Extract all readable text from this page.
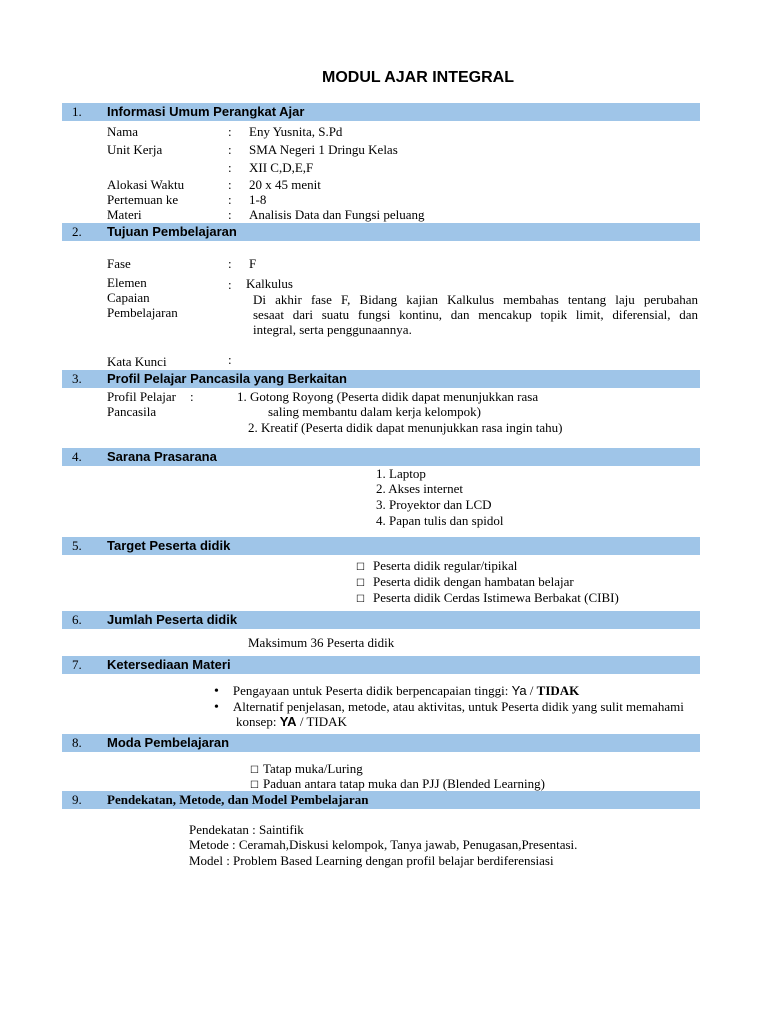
MODUL AJAR INTEGRAL
1. Informasi Umum Perangkat Ajar
Nama	: Eny Yusnita, S.Pd
Unit Kerja	: SMA Negeri 1 Dringu Kelas
: XII C,D,E,F
Alokasi Waktu	: 20 x 45 menit
Pertemuan ke	: 1-8
Materi	: Analisis Data dan Fungsi peluang
2. Tujuan Pembelajaran
Fase	: F
Elemen	: Kalkulus
Capaian
Pembelajaran
Di akhir fase F, Bidang kajian Kalkulus membahas tentang laju perubahan
sesaat dari suatu fungsi kontinu, dan mencakup topik limit, diferensial, dan
integral, serta penggunaannya.
Kata Kunci	:
3. Profil Pelajar Pancasila yang Berkaitan
Profil Pelajar :
Pancasila
1. Gotong Royong (Peserta didik dapat menunjukkan rasa
saling membantu dalam kerja kelompok)
2. Kreatif (Peserta didik dapat menunjukkan rasa ingin tahu)
4. Sarana Prasarana
1. Laptop
2. Akses internet
3. Proyektor dan LCD
4. Papan tulis dan spidol
5. Target Peserta didik
☐ Peserta didik regular/tipikal
☐ Peserta didik dengan hambatan belajar
☐ Peserta didik Cerdas Istimewa Berbakat (CIBI)
6. Jumlah Peserta didik
Maksimum 36 Peserta didik
7. Ketersediaan Materi
• Pengayaan untuk Peserta didik berpencapaian tinggi: Ya / TIDAK
• Alternatif penjelasan, metode, atau aktivitas, untuk Peserta didik yang sulit memahami
konsep: YA / TIDAK
8. Moda Pembelajaran
☐ Tatap muka/Luring
☐ Paduan antara tatap muka dan PJJ (Blended Learning)
9. Pendekatan, Metode, dan Model Pembelajaran
Pendekatan : Saintifik
Metode : Ceramah,Diskusi kelompok, Tanya jawab, Penugasan,Presentasi.
Model : Problem Based Learning dengan profil belajar berdiferensiasi
